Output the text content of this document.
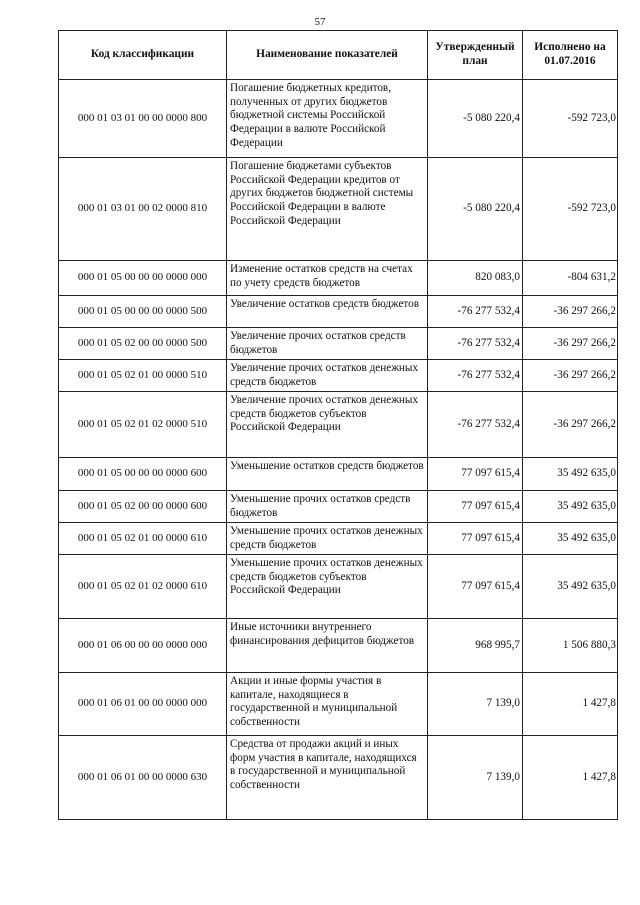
57
Код классификации	Наименование показателей	Утвержденный план	Исполнено на 01.07.2016
000 01 03 01 00 00 0000 800	Погашение бюджетных кредитов, полученных от других бюджетов бюджетной системы Российской Федерации в валюте Российской Федерации	-5 080 220,4	-592 723,0
000 01 03 01 00 02 0000 810	Погашение бюджетами субъектов Российской Федерации кредитов от других бюджетов бюджетной системы Российской Федерации в валюте Российской Федерации	-5 080 220,4	-592 723,0
000 01 05 00 00 00 0000 000	Изменение остатков средств на счетах по учету средств бюджетов	820 083,0	-804 631,2
000 01 05 00 00 00 0000 500	Увеличение остатков средств бюджетов	-76 277 532,4	-36 297 266,2
000 01 05 02 00 00 0000 500	Увеличение прочих остатков средств бюджетов	-76 277 532,4	-36 297 266,2
000 01 05 02 01 00 0000 510	Увеличение прочих остатков денежных средств бюджетов	-76 277 532,4	-36 297 266,2
000 01 05 02 01 02 0000 510	Увеличение прочих остатков денежных средств бюджетов субъектов Российской Федерации	-76 277 532,4	-36 297 266,2
000 01 05 00 00 00 0000 600	Уменьшение остатков средств бюджетов	77 097 615,4	35 492 635,0
000 01 05 02 00 00 0000 600	Уменьшение прочих остатков средств бюджетов	77 097 615,4	35 492 635,0
000 01 05 02 01 00 0000 610	Уменьшение прочих остатков денежных средств бюджетов	77 097 615,4	35 492 635,0
000 01 05 02 01 02 0000 610	Уменьшение прочих остатков денежных средств бюджетов субъектов Российской Федерации	77 097 615,4	35 492 635,0
000 01 06 00 00 00 0000 000	Иные источники внутреннего финансирования дефицитов бюджетов	968 995,7	1 506 880,3
000 01 06 01 00 00 0000 000	Акции и иные формы участия в капитале, находящиеся в государственной и муниципальной собственности	7 139,0	1 427,8
000 01 06 01 00 00 0000 630	Средства от продажи акций и иных форм участия в капитале, находящихся в государственной и муниципальной собственности	7 139,0	1 427,8
